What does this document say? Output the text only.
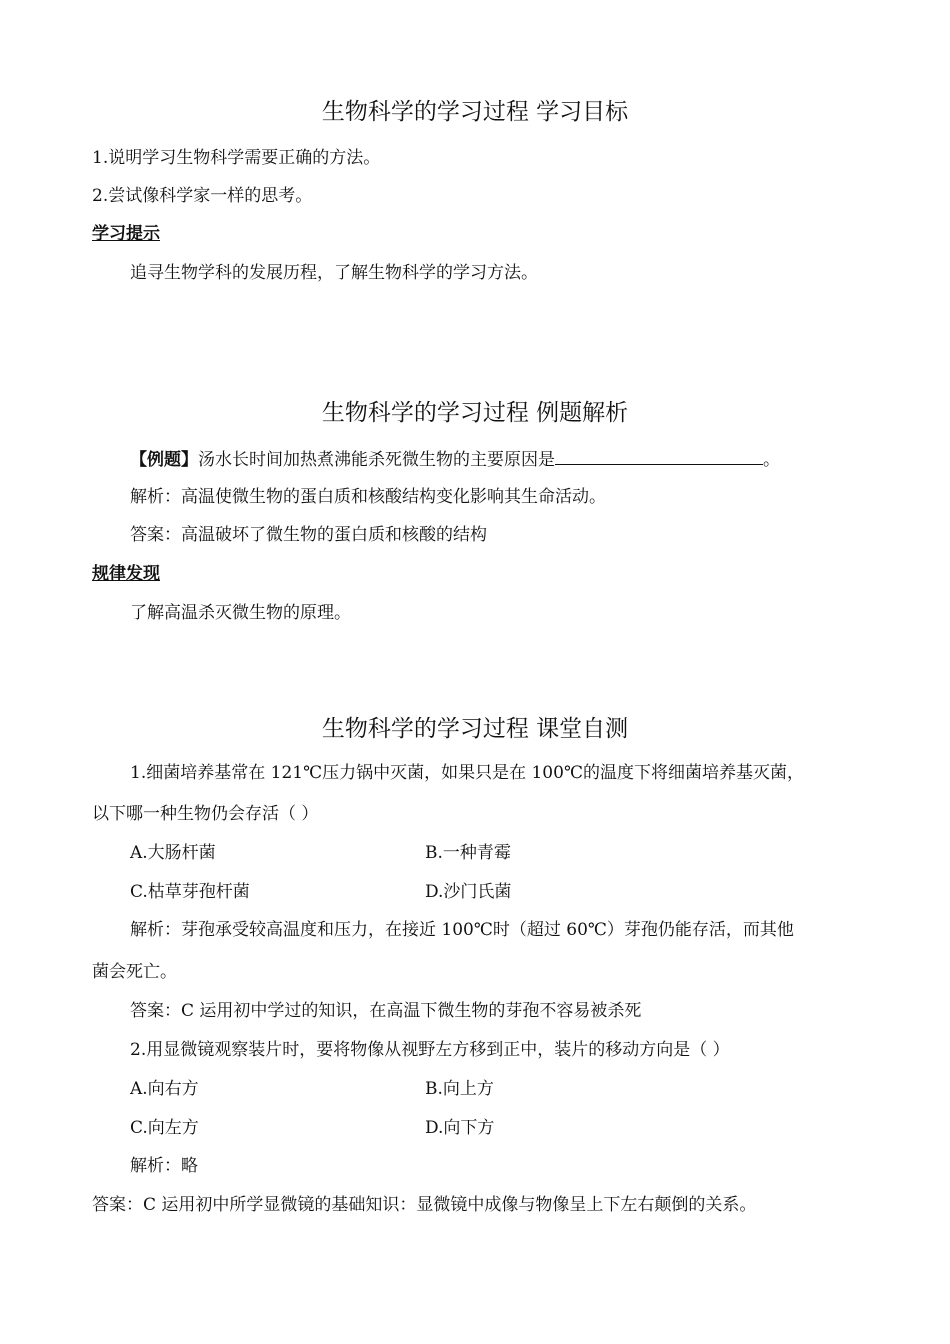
生物科学的学习过程 学习目标
1.说明学习生物科学需要正确的方法。
2.尝试像科学家一样的思考。
学习提示
追寻生物学科的发展历程，了解生物科学的学习方法。
生物科学的学习过程 例题解析
【例题】汤水长时间加热煮沸能杀死微生物的主要原因是	。
解析：高温使微生物的蛋白质和核酸结构变化影响其生命活动。
答案：高温破坏了微生物的蛋白质和核酸的结构
规律发现
了解高温杀灭微生物的原理。
生物科学的学习过程 课堂自测
1.细菌培养基常在 121℃压力锅中灭菌，如果只是在 100℃的温度下将细菌培养基灭菌，
以下哪一种生物仍会存活（ ）
A.大肠杆菌	B.一种青霉
C.枯草芽孢杆菌	D.沙门氏菌
解析：芽孢承受较高温度和压力，在接近 100℃时（超过 60℃）芽孢仍能存活，而其他
菌会死亡。
答案：C 运用初中学过的知识，在高温下微生物的芽孢不容易被杀死
2.用显微镜观察装片时，要将物像从视野左方移到正中，装片的移动方向是（ ）
A.向右方	B.向上方
C.向左方	D.向下方
解析：略
答案：C 运用初中所学显微镜的基础知识：显微镜中成像与物像呈上下左右颠倒的关系。
